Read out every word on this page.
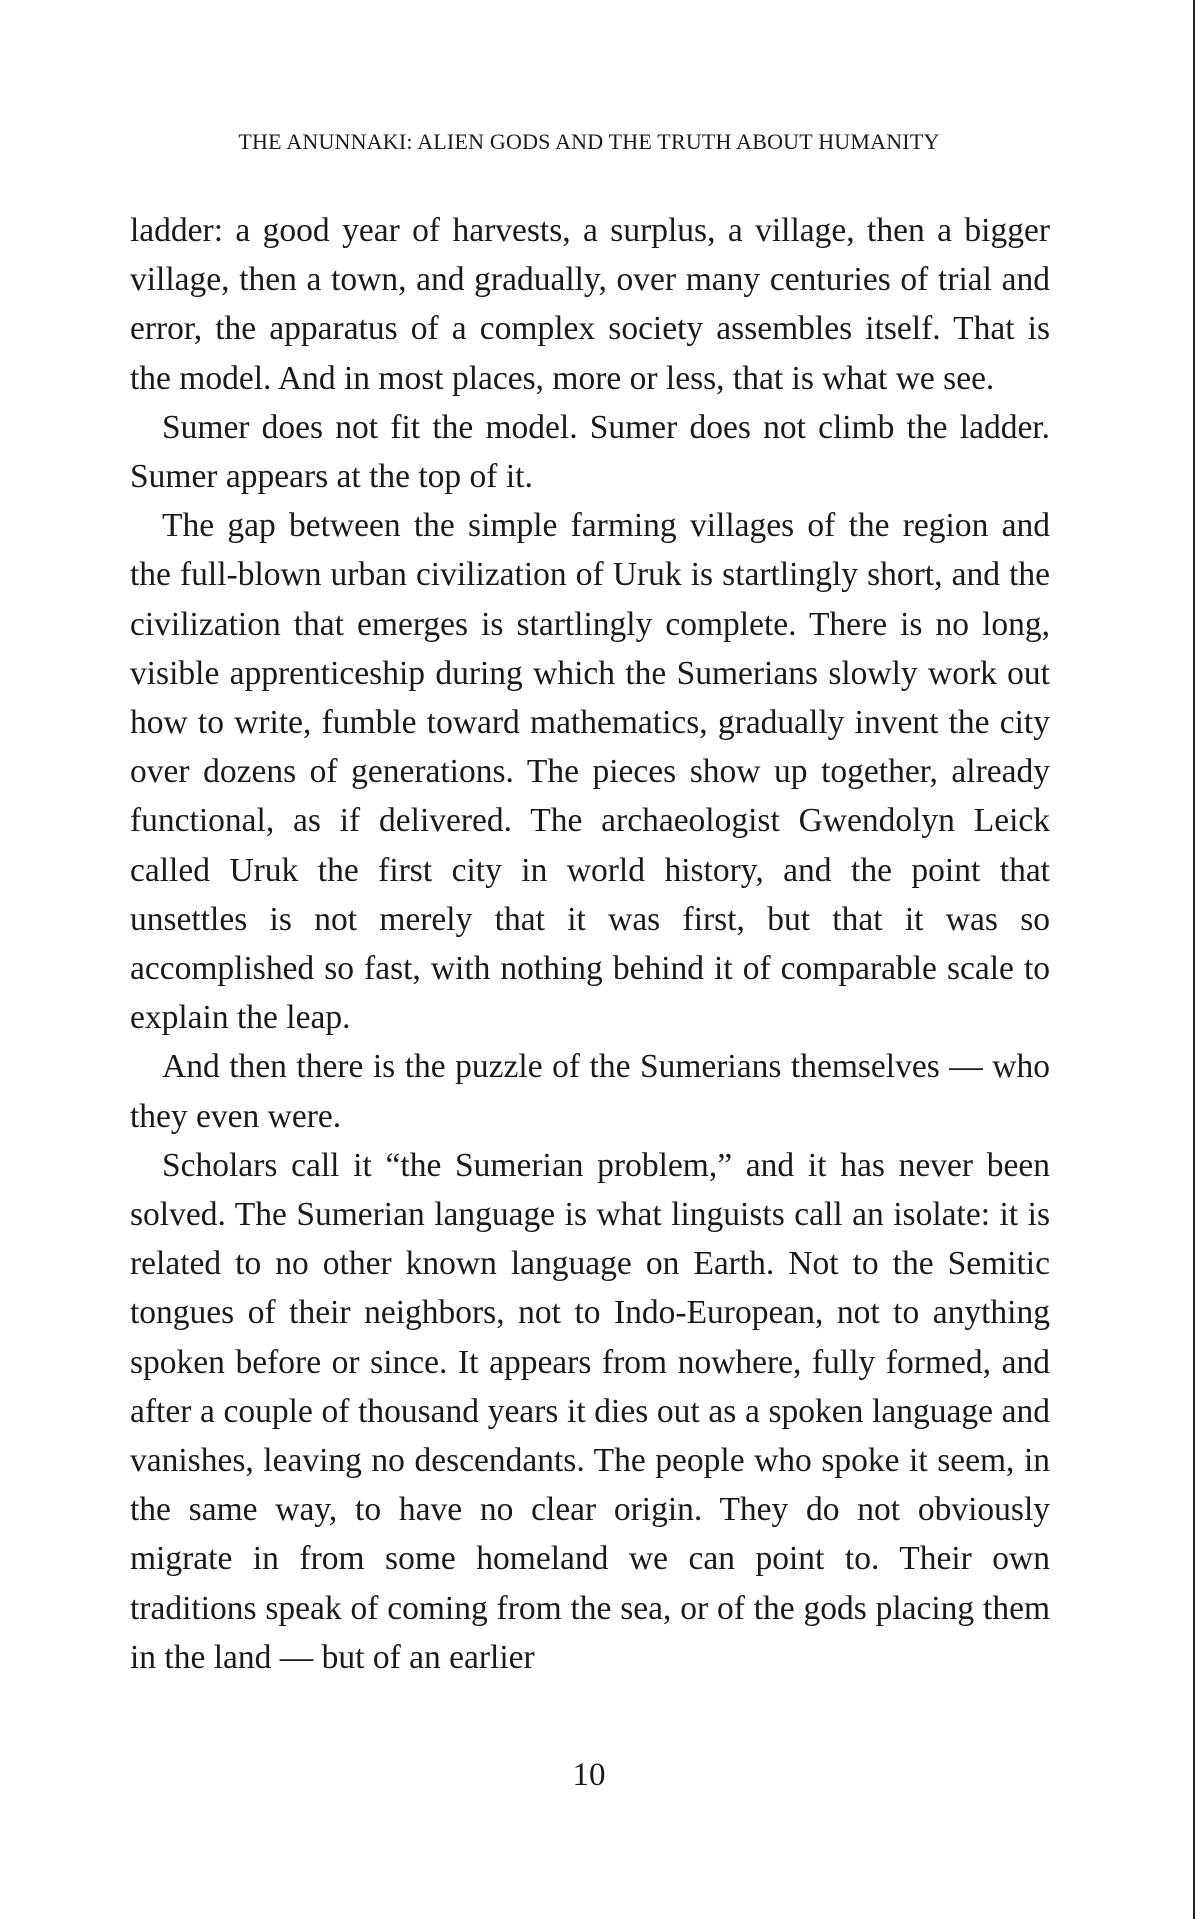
THE ANUNNAKI: ALIEN GODS AND THE TRUTH ABOUT HUMANITY

ladder: a good year of harvests, a surplus, a village, then a bigger village, then a town, and gradually, over many centuries of trial and error, the apparatus of a complex society assembles itself. That is the model. And in most places, more or less, that is what we see.

Sumer does not fit the model. Sumer does not climb the ladder. Sumer appears at the top of it.

The gap between the simple farming villages of the region and the full-blown urban civilization of Uruk is startlingly short, and the civilization that emerges is startlingly complete. There is no long, visible apprenticeship during which the Sumerians slowly work out how to write, fumble toward mathematics, gradually invent the city over dozens of generations. The pieces show up together, already functional, as if delivered. The archaeologist Gwendolyn Leick called Uruk the first city in world history, and the point that unsettles is not merely that it was first, but that it was so accomplished so fast, with nothing behind it of comparable scale to explain the leap.

And then there is the puzzle of the Sumerians themselves — who they even were.

Scholars call it “the Sumerian problem,” and it has never been solved. The Sumerian language is what linguists call an isolate: it is related to no other known language on Earth. Not to the Semitic tongues of their neighbors, not to Indo-European, not to anything spoken before or since. It appears from nowhere, fully formed, and after a couple of thousand years it dies out as a spoken language and vanishes, leaving no descendants. The people who spoke it seem, in the same way, to have no clear origin. They do not obviously migrate in from some homeland we can point to. Their own traditions speak of coming from the sea, or of the gods placing them in the land — but of an earlier

10
